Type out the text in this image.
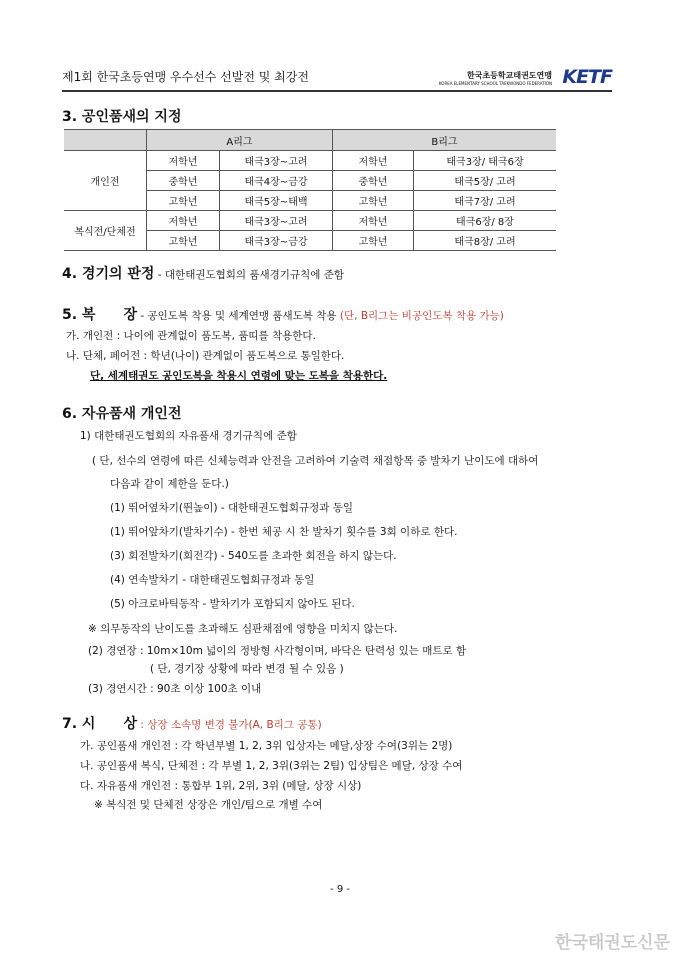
제1회 한국초등연맹 우수선수 선발전 및 최강전	한국초등학교태권도연맹
KOREA ELEMENTARY SCHOOL TAEKWONDO FEDERATION KETF
3. 공인품새의 지정
	A리그		B리그	
개인전	저학년	태극3장~고려	저학년	태극3장/ 태극6장
	중학년	태극4장~금강	중학년	태극5장/ 고려
	고학년	태극5장~태백	고학년	태극7장/ 고려
복식전/단체전	저학년	태극3장~고려	저학년	태극6장/ 8장
	고학년	태극3장~금강	고학년	태극8장/ 고려
4. 경기의 판정 - 대한태권도협회의 품새경기규칙에 준함
5. 복　　장 - 공인도복 착용 및 세계연맹 품새도복 착용 (단, B리그는 비공인도복 착용 가능)
가. 개인전 : 나이에 관계없이 품도복, 품띠를 착용한다.
나. 단체, 페어전 : 학년(나이) 관계없이 품도복으로 통일한다.
단, 세계태권도 공인도복을 착용시 연령에 맞는 도복을 착용한다.
6. 자유품새 개인전
1) 대한태권도협회의 자유품새 경기규칙에 준함
( 단, 선수의 연령에 따른 신체능력과 안전을 고려하여 기술력 채점항목 중 발차기 난이도에 대하여
다음과 같이 제한을 둔다.)
(1) 뛰어옆차기(뛴높이) - 대한태권도협회규정과 동일
(1) 뛰어앞차기(발차기수) - 한번 체공 시 찬 발차기 횟수를 3회 이하로 한다.
(3) 회전발차기(회전각) - 540도를 초과한 회전을 하지 않는다.
(4) 연속발차기 - 대한태권도협회규정과 동일
(5) 아크로바틱동작 - 발차기가 포함되지 않아도 된다.
※ 의무동작의 난이도를 초과해도 심판채점에 영향을 미치지 않는다.
(2) 경연장 : 10m×10m 넓이의 정방형 사각형이며, 바닥은 탄력성 있는 매트로 함
( 단, 경기장 상황에 따라 변경 될 수 있음 )
(3) 경연시간 : 90초 이상 100초 이내
7. 시　　상 : 상장 소속명 변경 불가(A, B리그 공통)
가. 공인품새 개인전 : 각 학년부별 1, 2, 3위 입상자는 메달,상장 수여(3위는 2명)
나. 공인품새 복식, 단체전 : 각 부별 1, 2, 3위(3위는 2팀) 입상팀은 메달, 상장 수여
다. 자유품새 개인전 : 통합부 1위, 2위, 3위 (메달, 상장 시상)
※ 복식전 및 단체전 상장은 개인/팀으로 개별 수여
- 9 -
한국태권도신문
